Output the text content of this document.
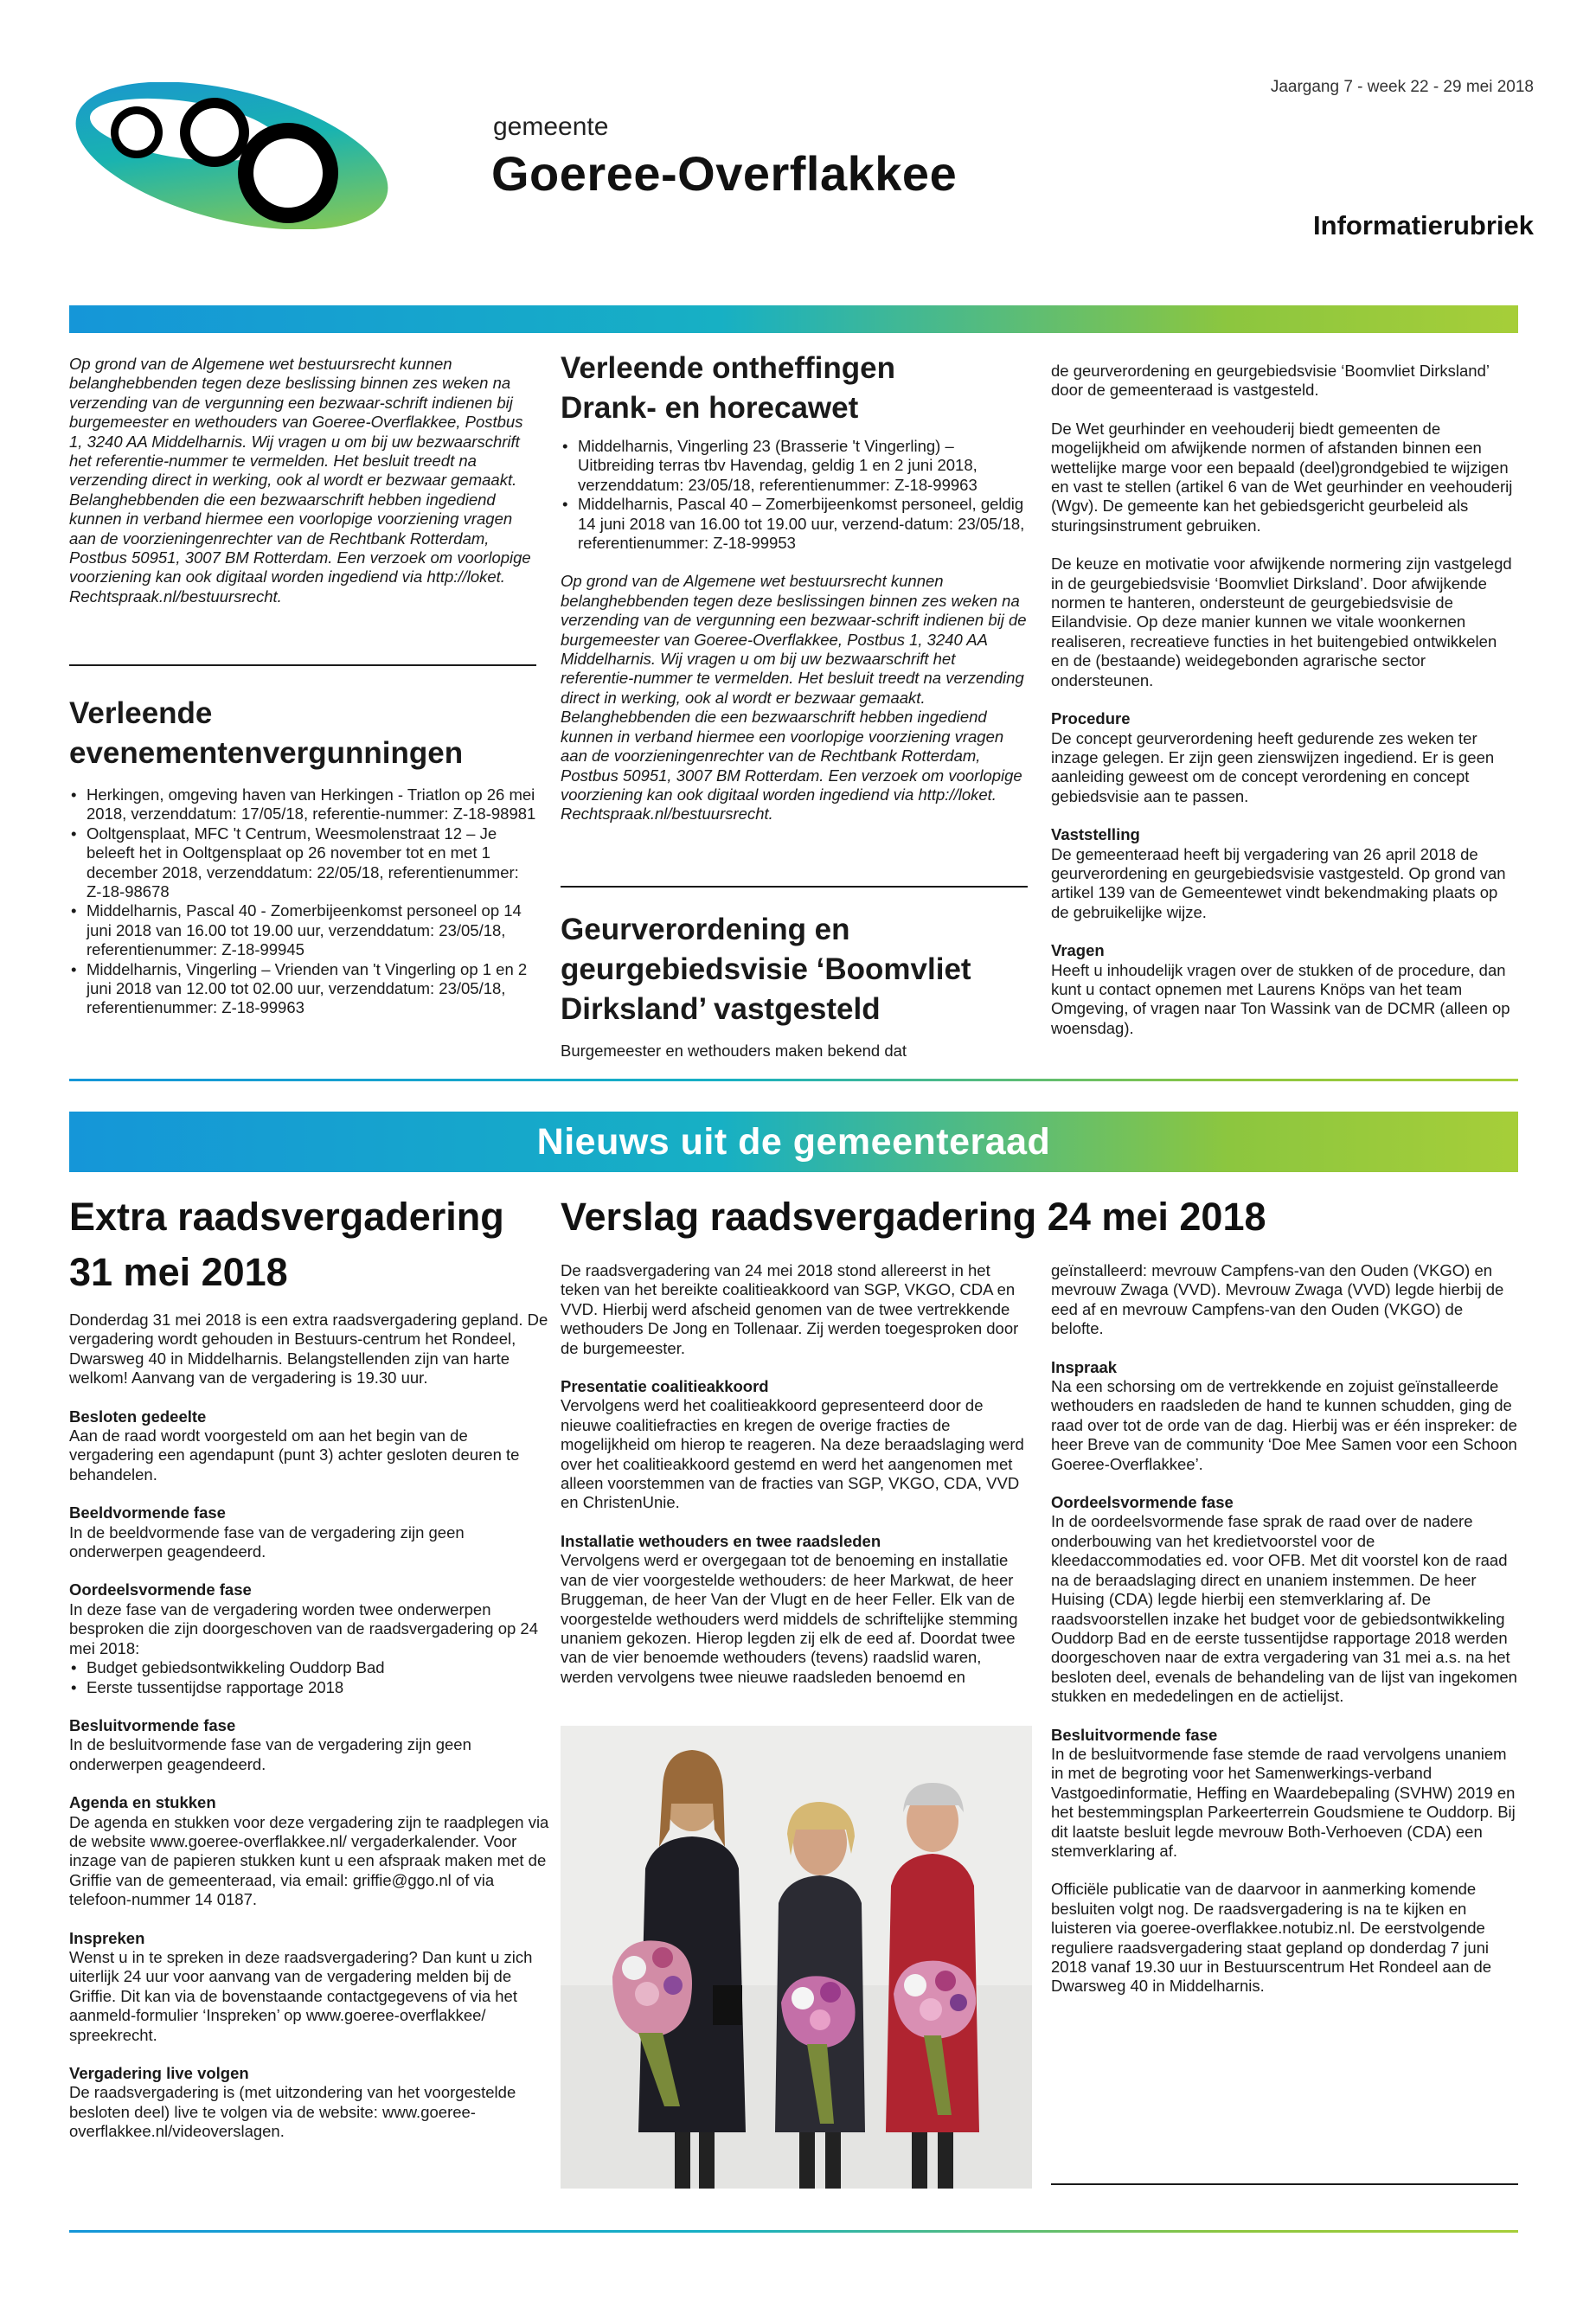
Jaargang 7 - week 22 - 29 mei 2018
gemeente
Goeree-Overflakkee
Informatierubriek

Op grond van de Algemene wet bestuursrecht kunnen belanghebbenden tegen deze beslissing binnen zes weken na verzending van de vergunning een bezwaar-schrift indienen bij burgemeester en wethouders van Goeree-Overflakkee, Postbus 1, 3240 AA Middelharnis. Wij vragen u om bij uw bezwaarschrift het referentie-nummer te vermelden. Het besluit treedt na verzending direct in werking, ook al wordt er bezwaar gemaakt. Belanghebbenden die een bezwaarschrift hebben ingediend kunnen in verband hiermee een voorlopige voorziening vragen aan de voorzieningenrechter van de Rechtbank Rotterdam, Postbus 50951, 3007 BM Rotterdam. Een verzoek om voorlopige voorziening kan ook digitaal worden ingediend via http://loket. Rechtspraak.nl/bestuursrecht.

Verleende evenementenvergunningen
• Herkingen, omgeving haven van Herkingen - Triatlon op 26 mei 2018, verzenddatum: 17/05/18, referentie-nummer: Z-18-98981
• Ooltgensplaat, MFC 't Centrum, Weesmolenstraat 12 – Je beleeft het in Ooltgensplaat op 26 november tot en met 1 december 2018, verzenddatum: 22/05/18, referentienummer: Z-18-98678
• Middelharnis, Pascal 40 - Zomerbijeenkomst personeel op 14 juni 2018 van 16.00 tot 19.00 uur, verzenddatum: 23/05/18, referentienummer: Z-18-99945
• Middelharnis, Vingerling – Vrienden van 't Vingerling op 1 en 2 juni 2018 van 12.00 tot 02.00 uur, verzenddatum: 23/05/18, referentienummer: Z-18-99963
Verleende ontheffingen Drank- en horecawet
• Middelharnis, Vingerling 23 (Brasserie 't Vingerling) – Uitbreiding terras tbv Havendag, geldig 1 en 2 juni 2018, verzenddatum: 23/05/18, referentienummer: Z-18-99963
• Middelharnis, Pascal 40 – Zomerbijeenkomst personeel, geldig 14 juni 2018 van 16.00 tot 19.00 uur, verzend-datum: 23/05/18, referentienummer: Z-18-99953

Op grond van de Algemene wet bestuursrecht kunnen belanghebbenden tegen deze beslissingen binnen zes weken na verzending van de vergunning een bezwaar-schrift indienen bij de burgemeester van Goeree-Overflakkee, Postbus 1, 3240 AA Middelharnis. Wij vragen u om bij uw bezwaarschrift het referentie-nummer te vermelden. Het besluit treedt na verzending direct in werking, ook al wordt er bezwaar gemaakt. Belanghebbenden die een bezwaarschrift hebben ingediend kunnen in verband hiermee een voorlopige voorziening vragen aan de voorzieningenrechter van de Rechtbank Rotterdam, Postbus 50951, 3007 BM Rotterdam. Een verzoek om voorlopige voorziening kan ook digitaal worden ingediend via http://loket. Rechtspraak.nl/bestuursrecht.

Geurverordening en geurgebiedsvisie ‘Boomvliet Dirksland’ vastgesteld

Burgemeester en wethouders maken bekend dat

de geurverordening en geurgebiedsvisie ‘Boomvliet Dirksland’ door de gemeenteraad is vastgesteld.

De Wet geurhinder en veehouderij biedt gemeenten de mogelijkheid om afwijkende normen of afstanden binnen een wettelijke marge voor een bepaald (deel)grondgebied te wijzigen en vast te stellen (artikel 6 van de Wet geurhinder en veehouderij (Wgv). De gemeente kan het gebiedsgericht geurbeleid als sturingsinstrument gebruiken.

De keuze en motivatie voor afwijkende normering zijn vastgelegd in de geurgebiedsvisie ‘Boomvliet Dirksland’. Door afwijkende normen te hanteren, ondersteunt de geurgebiedsvisie de Eilandvisie. Op deze manier kunnen we vitale woonkernen realiseren, recreatieve functies in het buitengebied ontwikkelen en de (bestaande) weidegebonden agrarische sector ondersteunen.

Procedure

De concept geurverordening heeft gedurende zes weken ter inzage gelegen. Er zijn geen zienswijzen ingediend. Er is geen aanleiding geweest om de concept verordening en concept gebiedsvisie aan te passen.

Vaststelling

De gemeenteraad heeft bij vergadering van 26 april 2018 de geurverordening en geurgebiedsvisie vastgesteld. Op grond van artikel 139 van de Gemeentewet vindt bekendmaking plaats op de gebruikelijke wijze.

Vragen

Heeft u inhoudelijk vragen over de stukken of de procedure, dan kunt u contact opnemen met Laurens Knöps van het team Omgeving, of vragen naar Ton Wassink van de DCMR (alleen op woensdag).

Nieuws uit de gemeenteraad
Extra raadsvergadering 31 mei 2018

Donderdag 31 mei 2018 is een extra raadsvergadering gepland. De vergadering wordt gehouden in Bestuurs-centrum het Rondeel, Dwarsweg 40 in Middelharnis. Belangstellenden zijn van harte welkom! Aanvang van de vergadering is 19.30 uur.

Besloten gedeelte

Aan de raad wordt voorgesteld om aan het begin van de vergadering een agendapunt (punt 3) achter gesloten deuren te behandelen.

Beeldvormende fase

In de beeldvormende fase van de vergadering zijn geen onderwerpen geagendeerd.

Oordeelsvormende fase

In deze fase van de vergadering worden twee onderwerpen besproken die zijn doorgeschoven van de raadsvergadering op 24 mei 2018:

• Budget gebiedsontwikkeling Ouddorp Bad
• Eerste tussentijdse rapportage 2018

Besluitvormende fase

In de besluitvormende fase van de vergadering zijn geen onderwerpen geagendeerd.

Agenda en stukken

De agenda en stukken voor deze vergadering zijn te raadplegen via de website www.goeree-overflakkee.nl/ vergaderkalender. Voor inzage van de papieren stukken kunt u een afspraak maken met de Griffie van de gemeenteraad, via email: griffie@ggo.nl of via telefoon-nummer 14 0187.

Inspreken

Wenst u in te spreken in deze raadsvergadering? Dan kunt u zich uiterlijk 24 uur voor aanvang van de vergadering melden bij de Griffie. Dit kan via de bovenstaande contactgegevens of via het aanmeld-formulier ‘Inspreken’ op www.goeree-overflakkee/ spreekrecht.

Vergadering live volgen

De raadsvergadering is (met uitzondering van het voorgestelde besloten deel) live te volgen via de website: www.goeree-overflakkee.nl/videoverslagen.

Verslag raadsvergadering 24 mei 2018

De raadsvergadering van 24 mei 2018 stond allereerst in het teken van het bereikte coalitieakkoord van SGP, VKGO, CDA en VVD. Hierbij werd afscheid genomen van de twee vertrekkende wethouders De Jong en Tollenaar. Zij werden toegesproken door de burgemeester.

Presentatie coalitieakkoord

Vervolgens werd het coalitieakkoord gepresenteerd door de nieuwe coalitiefracties en kregen de overige fracties de mogelijkheid om hierop te reageren. Na deze beraadslaging werd over het coalitieakkoord gestemd en werd het aangenomen met alleen voorstemmen van de fracties van SGP, VKGO, CDA, VVD en ChristenUnie.

Installatie wethouders en twee raadsleden

Vervolgens werd er overgegaan tot de benoeming en installatie van de vier voorgestelde wethouders: de heer Markwat, de heer Bruggeman, de heer Van der Vlugt en de heer Feller. Elk van de voorgestelde wethouders werd middels de schriftelijke stemming unaniem gekozen. Hierop legden zij elk de eed af. Doordat twee van de vier benoemde wethouders (tevens) raadslid waren, werden vervolgens twee nieuwe raadsleden benoemd en

geïnstalleerd: mevrouw Campfens-van den Ouden (VKGO) en mevrouw Zwaga (VVD). Mevrouw Zwaga (VVD) legde hierbij de eed af en mevrouw Campfens-van den Ouden (VKGO) de belofte.

Inspraak

Na een schorsing om de vertrekkende en zojuist geïnstalleerde wethouders en raadsleden de hand te kunnen schudden, ging de raad over tot de orde van de dag. Hierbij was er één inspreker: de heer Breve van de community ‘Doe Mee Samen voor een Schoon Goeree-Overflakkee’.

Oordeelsvormende fase

In de oordeelsvormende fase sprak de raad over de nadere onderbouwing van het kredietvoorstel voor de kleedaccommodaties ed. voor OFB. Met dit voorstel kon de raad na de beraadslaging direct en unaniem instemmen. De heer Huising (CDA) legde hierbij een stemverklaring af. De raadsvoorstellen inzake het budget voor de gebiedsontwikkeling Ouddorp Bad en de eerste tussentijdse rapportage 2018 werden doorgeschoven naar de extra vergadering van 31 mei a.s. na het besloten deel, evenals de behandeling van de lijst van ingekomen stukken en mededelingen en de actielijst.

Besluitvormende fase

In de besluitvormende fase stemde de raad vervolgens unaniem in met de begroting voor het Samenwerkings-verband Vastgoedinformatie, Heffing en Waardebepaling (SVHW) 2019 en het bestemmingsplan Parkeerterrein Goudsmiene te Ouddorp. Bij dit laatste besluit legde mevrouw Both-Verhoeven (CDA) een stemverklaring af.

Officiële publicatie van de daarvoor in aanmerking komende besluiten volgt nog. De raadsvergadering is na te kijken en luisteren via goeree-overflakkee.notubiz.nl. De eerstvolgende reguliere raadsvergadering staat gepland op donderdag 7 juni 2018 vanaf 19.30 uur in Bestuurscentrum Het Rondeel aan de Dwarsweg 40 in Middelharnis.
